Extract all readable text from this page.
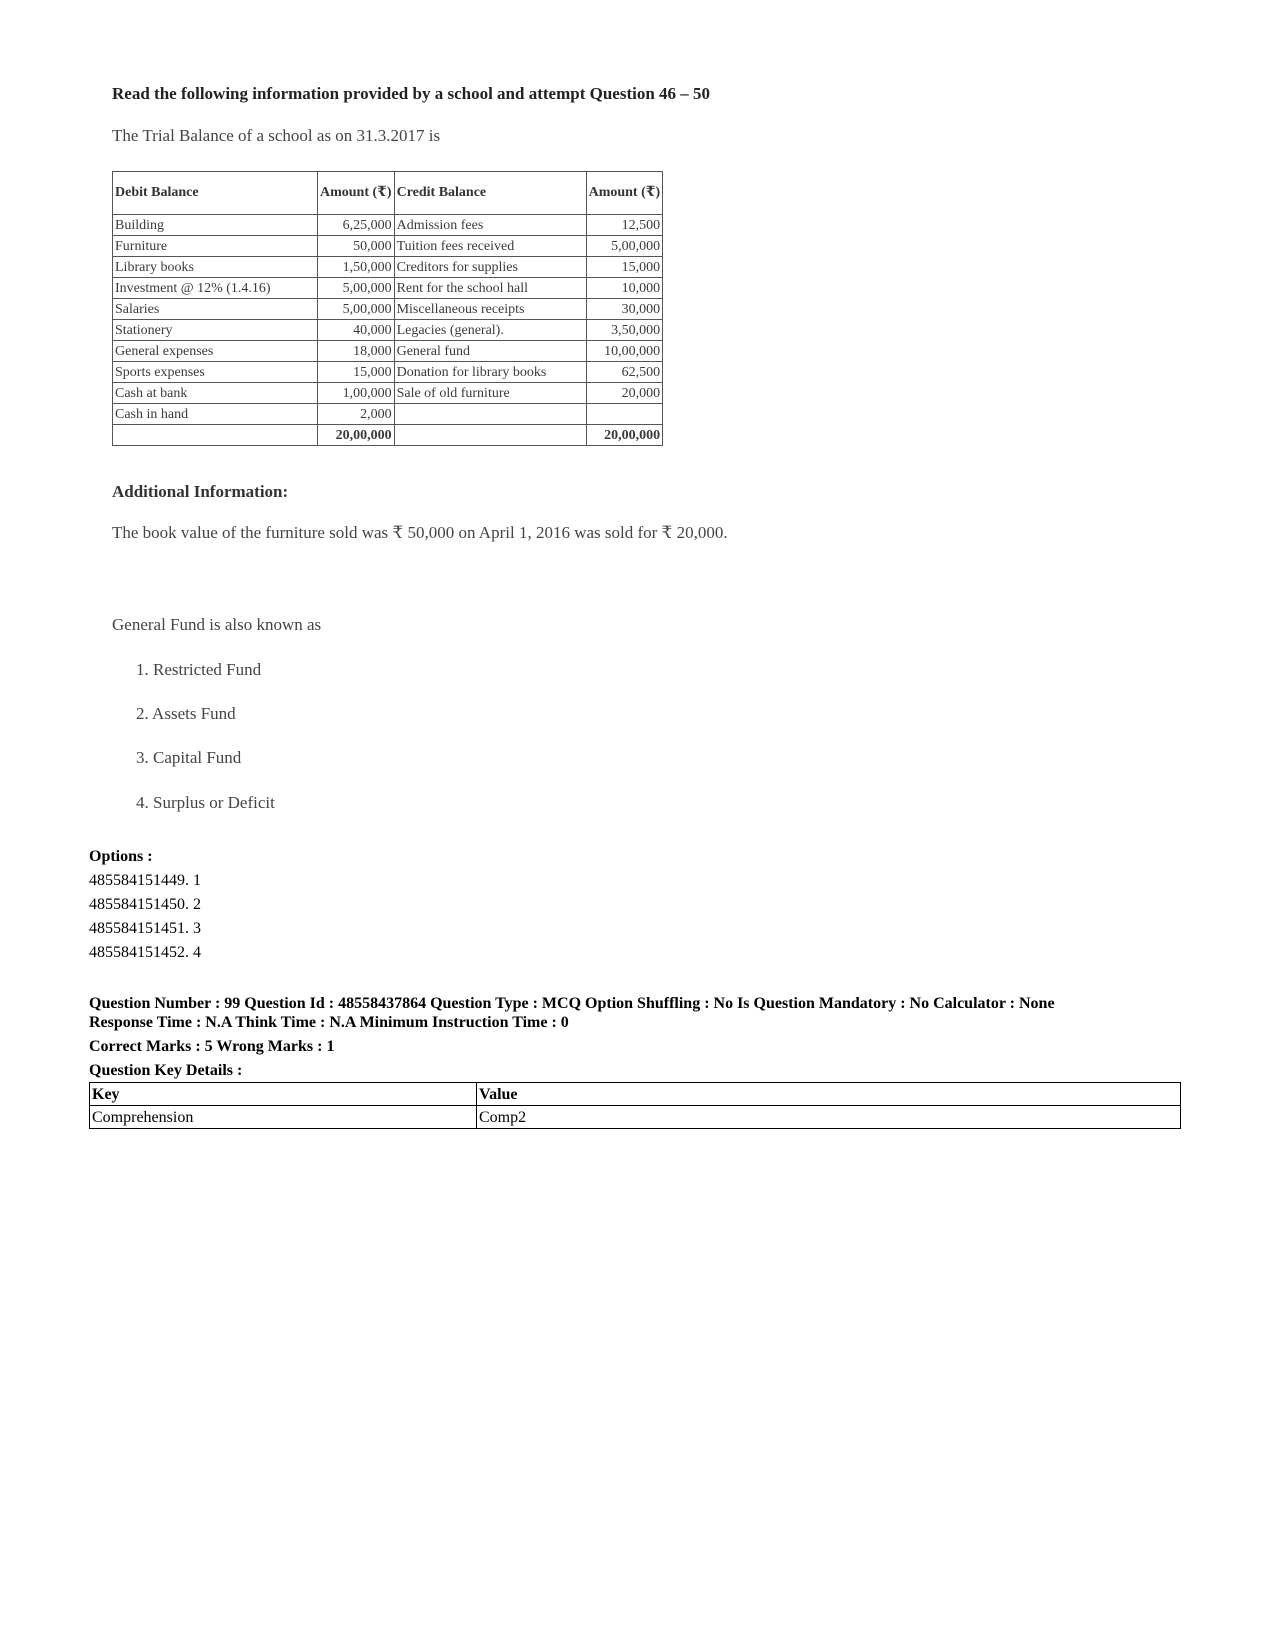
Read the following information provided by a school and attempt Question 46 – 50
The Trial Balance of a school as on 31.3.2017 is
Debit Balance	Amount (₹)	Credit Balance	Amount (₹)
Building	6,25,000	Admission fees	12,500
Furniture	50,000	Tuition fees received	5,00,000
Library books	1,50,000	Creditors for supplies	15,000
Investment @ 12% (1.4.16)	5,00,000	Rent for the school hall	10,000
Salaries	5,00,000	Miscellaneous receipts	30,000
Stationery	40,000	Legacies (general).	3,50,000
General expenses	18,000	General fund	10,00,000
Sports expenses	15,000	Donation for library books	62,500
Cash at bank	1,00,000	Sale of old furniture	20,000
Cash in hand	2,000		
	20,00,000		20,00,000
Additional Information:
The book value of the furniture sold was ₹ 50,000 on April 1, 2016 was sold for ₹ 20,000.
General Fund is also known as
1. Restricted Fund
2. Assets Fund
3. Capital Fund
4. Surplus or Deficit
Options :
485584151449. 1
485584151450. 2
485584151451. 3
485584151452. 4
Question Number : 99 Question Id : 48558437864 Question Type : MCQ Option Shuffling : No Is Question Mandatory : No Calculator : None
Response Time : N.A Think Time : N.A Minimum Instruction Time : 0
Correct Marks : 5 Wrong Marks : 1
Question Key Details :
Key	Value
Comprehension	Comp2
